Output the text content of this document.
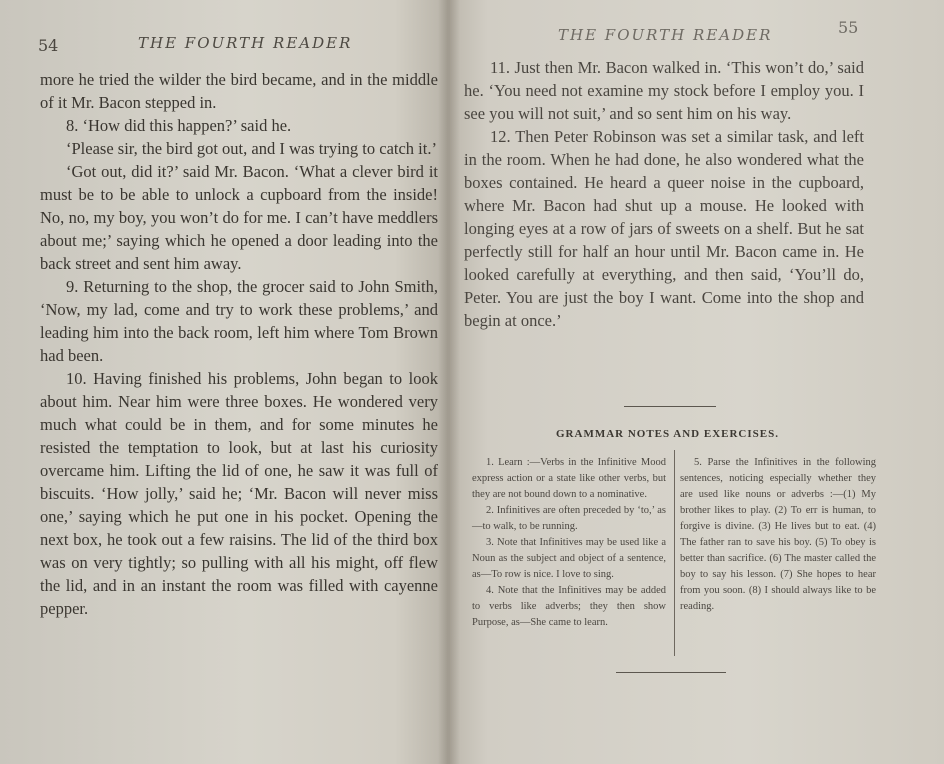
54	THE FOURTH READER

more he tried the wilder the bird became, and in the middle of it Mr. Bacon stepped in.

8. ‘How did this happen?’ said he.

‘Please sir, the bird got out, and I was trying to catch it.’

‘Got out, did it?’ said Mr. Bacon. ‘What a clever bird it must be to be able to unlock a cupboard from the inside! No, no, my boy, you won’t do for me. I can’t have meddlers about me;’ saying which he opened a door leading into the back street and sent him away.

9. Returning to the shop, the grocer said to John Smith, ‘Now, my lad, come and try to work these problems,’ and leading him into the back room, left him where Tom Brown had been.

10. Having finished his problems, John began to look about him. Near him were three boxes. He wondered very much what could be in them, and for some minutes he resisted the temptation to look, but at last his curiosity overcame him. Lifting the lid of one, he saw it was full of biscuits. ‘How jolly,’ said he; ‘Mr. Bacon will never miss one,’ saying which he put one in his pocket. Opening the next box, he took out a few raisins. The lid of the third box was on very tightly; so pulling with all his might, off flew the lid, and in an instant the room was filled with cayenne pepper.

THE FOURTH READER	55

11. Just then Mr. Bacon walked in. ‘This won’t do,’ said he. ‘You need not examine my stock before I employ you. I see you will not suit,’ and so sent him on his way.

12. Then Peter Robinson was set a similar task, and left in the room. When he had done, he also wondered what the boxes contained. He heard a queer noise in the cupboard, where Mr. Bacon had shut up a mouse. He looked with longing eyes at a row of jars of sweets on a shelf. But he sat perfectly still for half an hour until Mr. Bacon came in. He looked carefully at everything, and then said, ‘You’ll do, Peter. You are just the boy I want. Come into the shop and begin at once.’

GRAMMAR NOTES AND EXERCISES.

1. Learn :—Verbs in the Infinitive Mood express action or a state like other verbs, but they are not bound down to a nominative.

2. Infinitives are often preceded by ‘to,’ as—to walk, to be running.

3. Note that Infinitives may be used like a Noun as the subject and object of a sentence, as—To row is nice. I love to sing.

4. Note that the Infinitives may be added to verbs like adverbs; they then show Purpose, as—She came to learn.

5. Parse the Infinitives in the following sentences, noticing especially whether they are used like nouns or adverbs :—(1) My brother likes to play. (2) To err is human, to forgive is divine. (3) He lives but to eat. (4) The father ran to save his boy. (5) To obey is better than sacrifice. (6) The master called the boy to say his lesson. (7) She hopes to hear from you soon. (8) I should always like to be reading.
